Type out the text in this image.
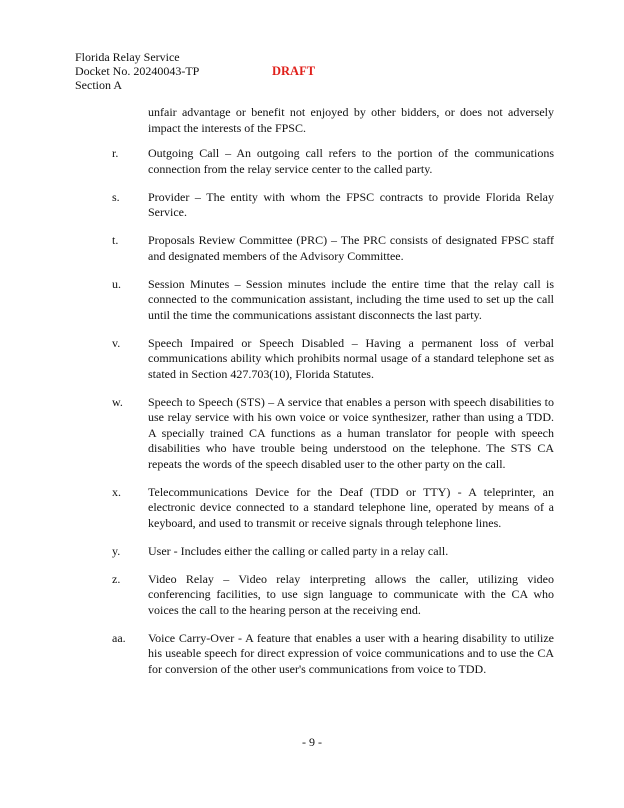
Florida Relay Service
Docket No. 20240043-TP
Section A
DRAFT
unfair advantage or benefit not enjoyed by other bidders, or does not adversely impact the interests of the FPSC.
r.	Outgoing Call – An outgoing call refers to the portion of the communications connection from the relay service center to the called party.
s.	Provider – The entity with whom the FPSC contracts to provide Florida Relay Service.
t.	Proposals Review Committee (PRC) – The PRC consists of designated FPSC staff and designated members of the Advisory Committee.
u.	Session Minutes – Session minutes include the entire time that the relay call is connected to the communication assistant, including the time used to set up the call until the time the communications assistant disconnects the last party.
v.	Speech Impaired or Speech Disabled – Having a permanent loss of verbal communications ability which prohibits normal usage of a standard telephone set as stated in Section 427.703(10), Florida Statutes.
w.	Speech to Speech (STS) – A service that enables a person with speech disabilities to use relay service with his own voice or voice synthesizer, rather than using a TDD. A specially trained CA functions as a human translator for people with speech disabilities who have trouble being understood on the telephone. The STS CA repeats the words of the speech disabled user to the other party on the call.
x.	Telecommunications Device for the Deaf (TDD or TTY) - A teleprinter, an electronic device connected to a standard telephone line, operated by means of a keyboard, and used to transmit or receive signals through telephone lines.
y.	User - Includes either the calling or called party in a relay call.
z.	Video Relay – Video relay interpreting allows the caller, utilizing video conferencing facilities, to use sign language to communicate with the CA who voices the call to the hearing person at the receiving end.
aa.	Voice Carry-Over - A feature that enables a user with a hearing disability to utilize his useable speech for direct expression of voice communications and to use the CA for conversion of the other user's communications from voice to TDD.
- 9 -
